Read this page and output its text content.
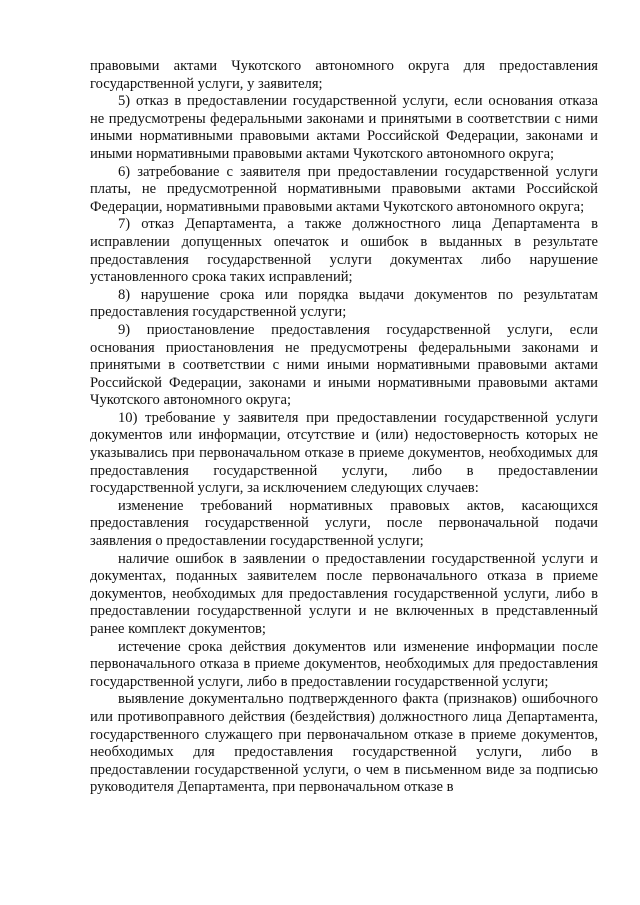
правовыми актами Чукотского автономного округа для предоставления государственной услуги, у заявителя;

5) отказ в предоставлении государственной услуги, если основания отказа не предусмотрены федеральными законами и принятыми в соответствии с ними иными нормативными правовыми актами Российской Федерации, законами и иными нормативными правовыми актами Чукотского автономного округа;

6) затребование с заявителя при предоставлении государственной услуги платы, не предусмотренной нормативными правовыми актами Российской Федерации, нормативными правовыми актами Чукотского автономного округа;

7) отказ Департамента, а также должностного лица Департамента в исправлении допущенных опечаток и ошибок в выданных в результате предоставления государственной услуги документах либо нарушение установленного срока таких исправлений;

8) нарушение срока или порядка выдачи документов по результатам предоставления государственной услуги;

9) приостановление предоставления государственной услуги, если основания приостановления не предусмотрены федеральными законами и принятыми в соответствии с ними иными нормативными правовыми актами Российской Федерации, законами и иными нормативными правовыми актами Чукотского автономного округа;

10) требование у заявителя при предоставлении государственной услуги документов или информации, отсутствие и (или) недостоверность которых не указывались при первоначальном отказе в приеме документов, необходимых для предоставления государственной услуги, либо в предоставлении государственной услуги, за исключением следующих случаев:

изменение требований нормативных правовых актов, касающихся предоставления государственной услуги, после первоначальной подачи заявления о предоставлении государственной услуги;

наличие ошибок в заявлении о предоставлении государственной услуги и документах, поданных заявителем после первоначального отказа в приеме документов, необходимых для предоставления государственной услуги, либо в предоставлении государственной услуги и не включенных в представленный ранее комплект документов;

истечение срока действия документов или изменение информации после первоначального отказа в приеме документов, необходимых для предоставления государственной услуги, либо в предоставлении государственной услуги;

выявление документально подтвержденного факта (признаков) ошибочного или противоправного действия (бездействия) должностного лица Департамента, государственного служащего при первоначальном отказе в приеме документов, необходимых для предоставления государственной услуги, либо в предоставлении государственной услуги, о чем в письменном виде за подписью руководителя Департамента, при первоначальном отказе в
